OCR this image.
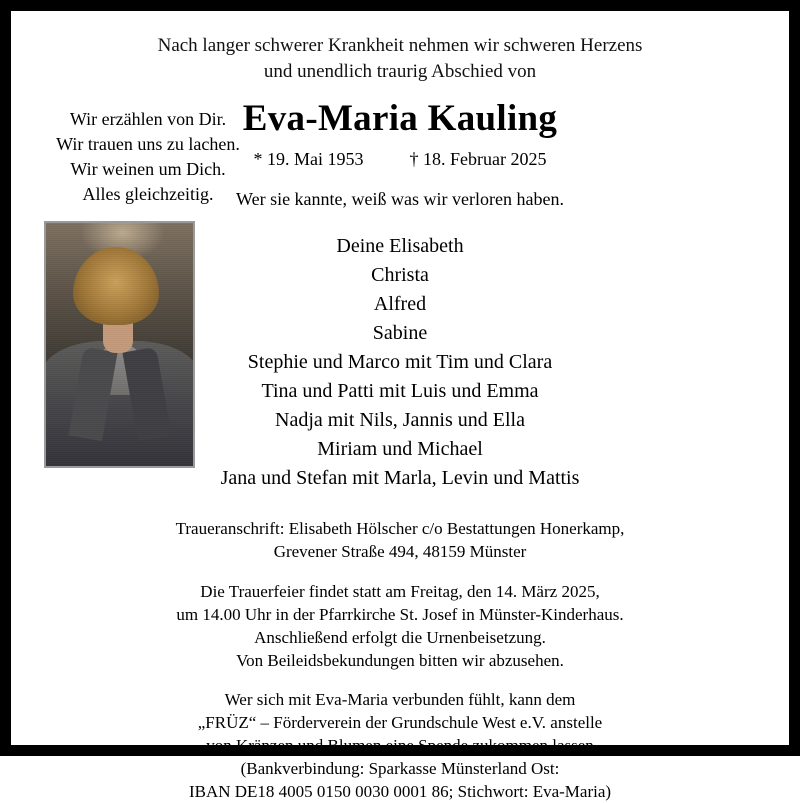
Nach langer schwerer Krankheit nehmen wir schweren Herzens
und unendlich traurig Abschied von
Eva-Maria Kauling
* 19. Mai 1953	† 18. Februar 2025
Wer sie kannte, weiß was wir verloren haben.
Wir erzählen von Dir.
Wir trauen uns zu lachen.
Wir weinen um Dich.
Alles gleichzeitig.
Deine Elisabeth
Christa
Alfred
Sabine
Stephie und Marco mit Tim und Clara
Tina und Patti mit Luis und Emma
Nadja mit Nils, Jannis und Ella
Miriam und Michael
Jana und Stefan mit Marla, Levin und Mattis
Traueranschrift: Elisabeth Hölscher c/o Bestattungen Honerkamp,
Grevener Straße 494, 48159 Münster
Die Trauerfeier findet statt am Freitag, den 14. März 2025,
um 14.00 Uhr in der Pfarrkirche St. Josef in Münster-Kinderhaus.
Anschließend erfolgt die Urnenbeisetzung.
Von Beileidsbekundungen bitten wir abzusehen.
Wer sich mit Eva-Maria verbunden fühlt, kann dem
„FRÜZ“ – Förderverein der Grundschule West e.V. anstelle
von Kränzen und Blumen eine Spende zukommen lassen
(Bankverbindung: Sparkasse Münsterland Ost:
IBAN DE18 4005 0150 0030 0001 86; Stichwort: Eva-Maria)
